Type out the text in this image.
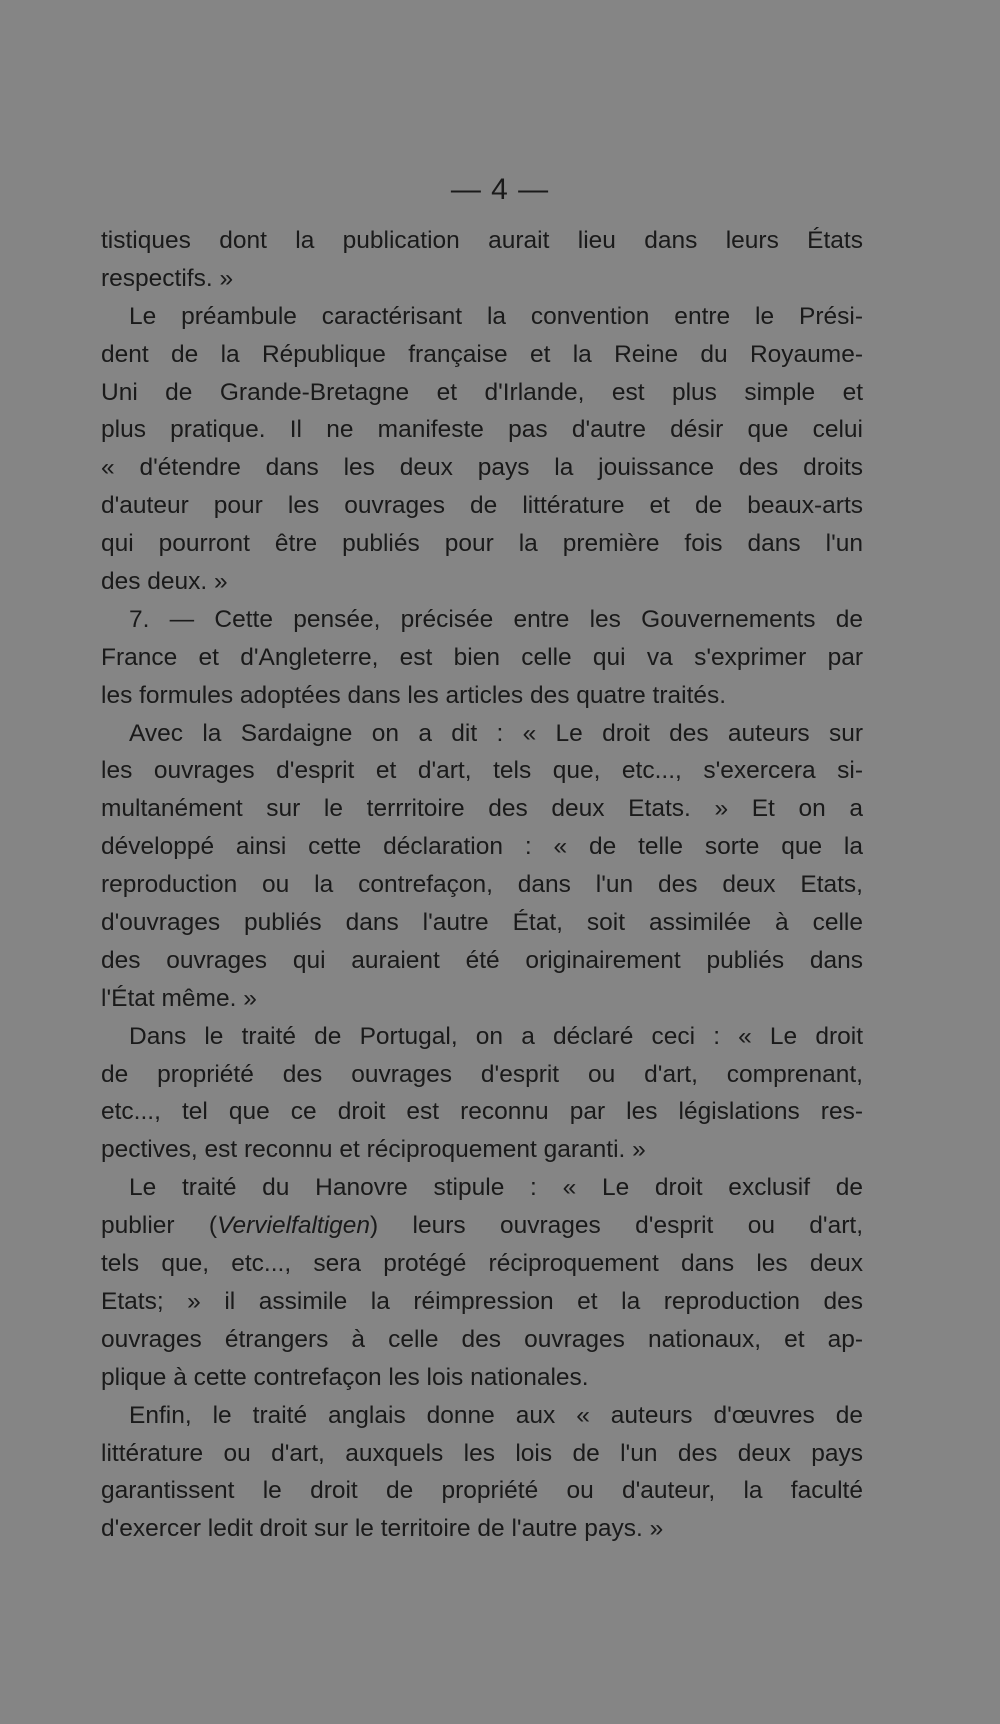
— 4 —
tistiques dont la publication aurait lieu dans leurs États
respectifs. »
Le préambule caractérisant la convention entre le Prési-
dent de la République française et la Reine du Royaume-
Uni de Grande-Bretagne et d'Irlande, est plus simple et
plus pratique. Il ne manifeste pas d'autre désir que celui
« d'étendre dans les deux pays la jouissance des droits
d'auteur pour les ouvrages de littérature et de beaux-arts
qui pourront être publiés pour la première fois dans l'un
des deux. »
7. — Cette pensée, précisée entre les Gouvernements de
France et d'Angleterre, est bien celle qui va s'exprimer par
les formules adoptées dans les articles des quatre traités.
Avec la Sardaigne on a dit : « Le droit des auteurs sur
les ouvrages d'esprit et d'art, tels que, etc..., s'exercera si-
multanément sur le terrritoire des deux Etats. » Et on a
développé ainsi cette déclaration : « de telle sorte que la
reproduction ou la contrefaçon, dans l'un des deux Etats,
d'ouvrages publiés dans l'autre État, soit assimilée à celle
des ouvrages qui auraient été originairement publiés dans
l'État même. »
Dans le traité de Portugal, on a déclaré ceci : « Le droit
de propriété des ouvrages d'esprit ou d'art, comprenant,
etc..., tel que ce droit est reconnu par les législations res-
pectives, est reconnu et réciproquement garanti. »
Le traité du Hanovre stipule : « Le droit exclusif de
publier (Vervielfaltigen) leurs ouvrages d'esprit ou d'art,
tels que, etc..., sera protégé réciproquement dans les deux
Etats; » il assimile la réimpression et la reproduction des
ouvrages étrangers à celle des ouvrages nationaux, et ap-
plique à cette contrefaçon les lois nationales.
Enfin, le traité anglais donne aux « auteurs d'œuvres de
littérature ou d'art, auxquels les lois de l'un des deux pays
garantissent le droit de propriété ou d'auteur, la faculté
d'exercer ledit droit sur le territoire de l'autre pays. »
